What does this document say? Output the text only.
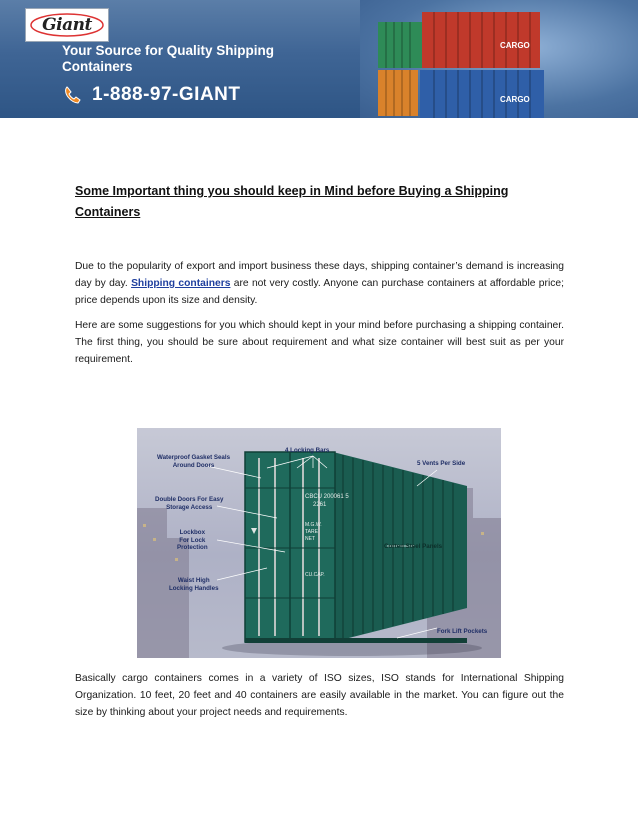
Giant
Your Source for Quality Shipping
Containers
1-888-97-GIANT
CARGO
CARGO
Some Important thing you should keep in Mind before Buying a Shipping
Containers

Due to the popularity of export and import business these days, shipping container’s demand is increasing day by day. Shipping containers are not very costly. Anyone can purchase containers at affordable price; price depends upon its size and density.

Here are some suggestions for you which should kept in your mind before purchasing a shipping container. The first thing, you should be sure about requirement and what size container will best suit as per your requirement.

CBCU 200061 5
2261
M.G.W.
TARE
NET
CU.CAP.
Waterproof Gasket Seals
Around Doors
4 Locking Bars
5 Vents Per Side
Double Doors For Easy
Storage Access
Lockbox
For Lock
Protection
Waist High
Locking Handles
Corten Steel Panels
Fork Lift Pockets

Basically cargo containers comes in a variety of ISO sizes, ISO stands for International Shipping Organization. 10 feet, 20 feet and 40 containers are easily available in the market. You can figure out the size by thinking about your project needs and requirements.
